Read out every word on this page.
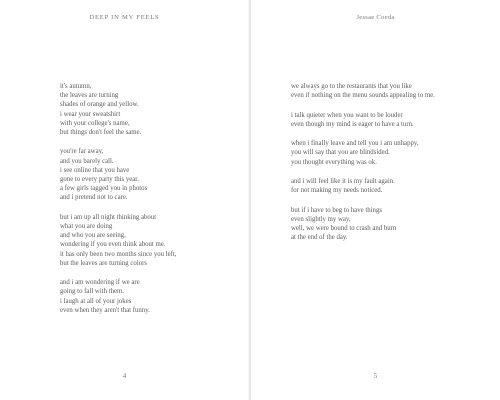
DEEP IN MY FEELS
it's autumn,
the leaves are turning
shades of orange and yellow.
i wear your sweatshirt
with your college's name,
but things don't feel the same.
you're far away,
and you barely call.
i see online that you have
gone to every party this year.
a few girls tagged you in photos
and i pretend not to care.
but i am up all night thinking about
what you are doing
and who you are seeing,
wondering if you even think about me.
it has only been two months since you left,
but the leaves are turning colors
and i am wondering if we are
going to fall with them.
i laugh at all of your jokes
even when they aren't that funny.
4
Jessae Coeda
we always go to the restaurants that you like
even if nothing on the menu sounds appealing to me.
i talk quieter when you want to be louder
even though my mind is eager to have a turn.
when i finally leave and tell you i am unhappy,
you will say that you are blindsided.
you thought everything was ok.
and i will feel like it is my fault again.
for not making my needs noticed.
but if i have to beg to have things
even slightly my way,
well, we were bound to crash and burn
at the end of the day.
5
